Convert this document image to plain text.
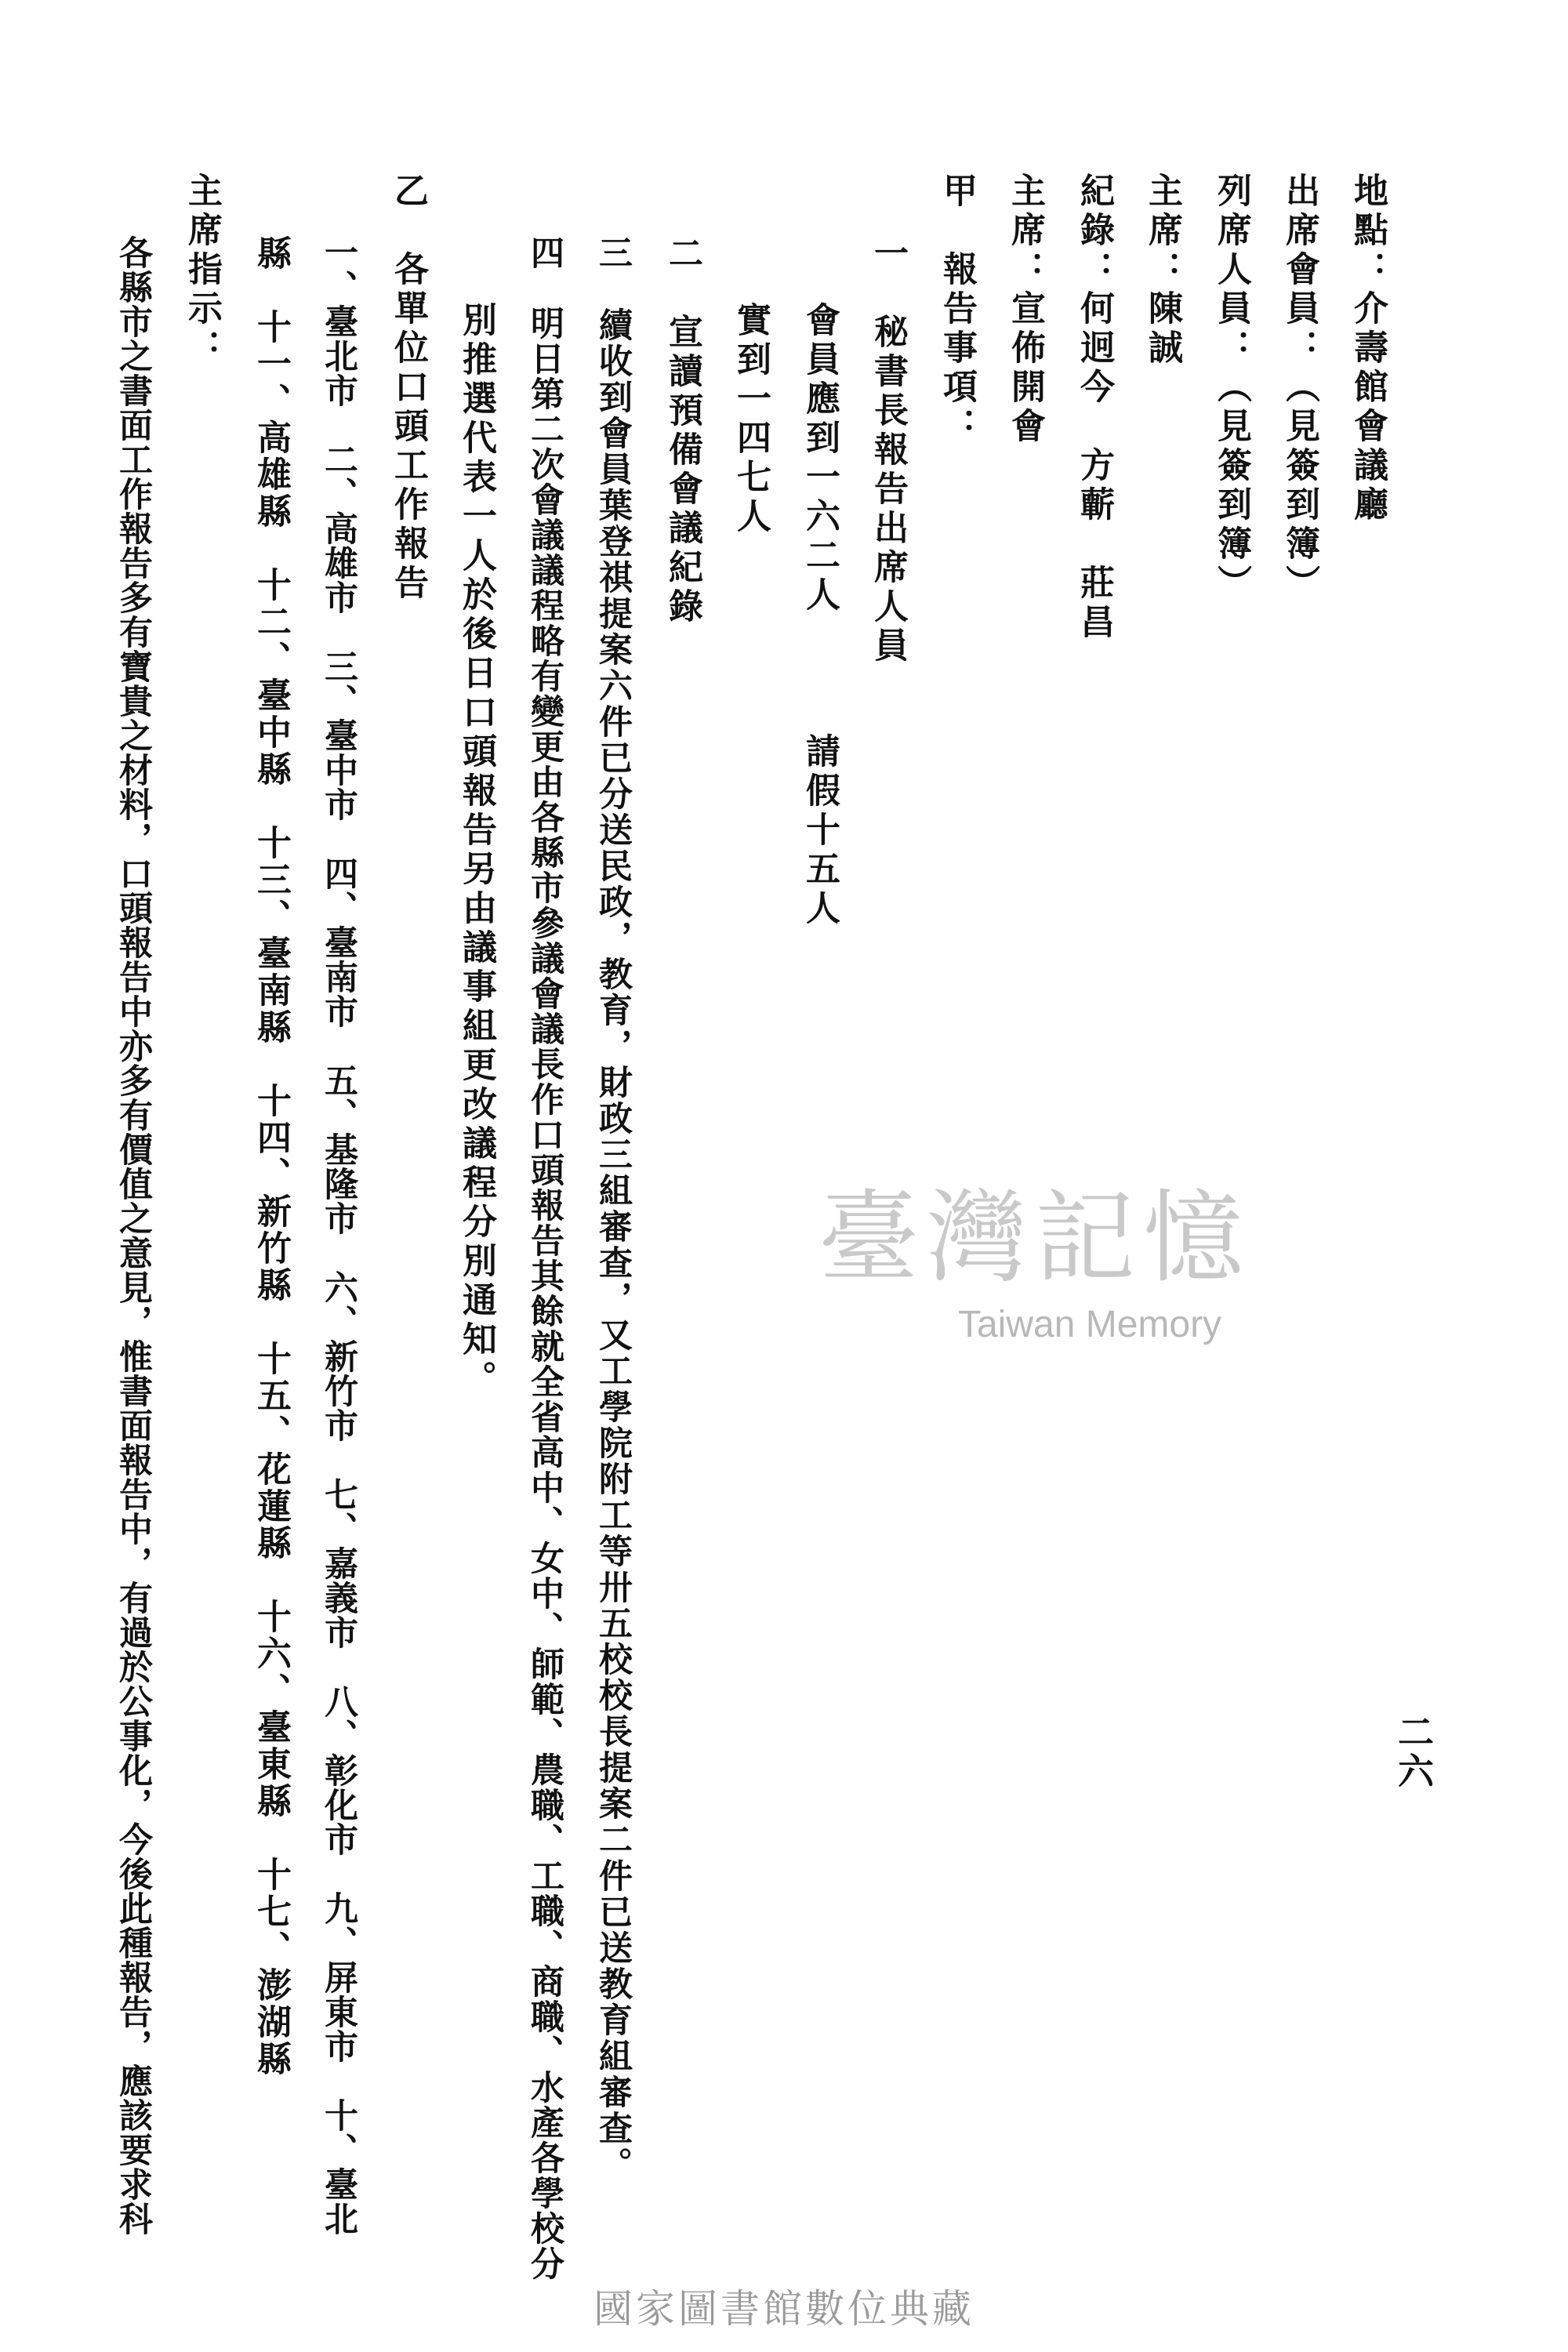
二六
地點：介壽館會議廳
出席會員：（見簽到簿）
列席人員：（見簽到簿）
主席：陳誠
紀錄：何迥今　方蘄　莊昌
主席：宣佈開會
甲　報告事項：
一　秘書長報告出席人員
會員應到一六二人　　　請假十五人
實到一四七人
二　宣讀預備會議紀錄
三　續收到會員葉登祺提案六件已分送民政，教育，財政三組審查，又工學院附工等卅五校校長提案二件已送教育組審查。
四　明日第二次會議議程略有變更由各縣市參議會議長作口頭報告其餘就全省高中、女中、師範、農職、工職、商職、水產各學校分
別推選代表一人於後日口頭報告另由議事組更改議程分別通知。
乙　各單位口頭工作報告
一、臺北市　二、高雄市　三、臺中市　四、臺南市　五、基隆市　六、新竹市　七、嘉義市　八、彰化市　九、屏東市　十、臺北
縣　十一、高雄縣　十二、臺中縣　十三、臺南縣　十四、新竹縣　十五、花蓮縣　十六、臺東縣　十七、澎湖縣
主席指示：
各縣市之書面工作報告多有寶貴之材料，口頭報告中亦多有價值之意見，惟書面報告中，有過於公事化，今後此種報告，應該要求科	臺灣記憶
Taiwan Memory
國家圖書館數位典藏
